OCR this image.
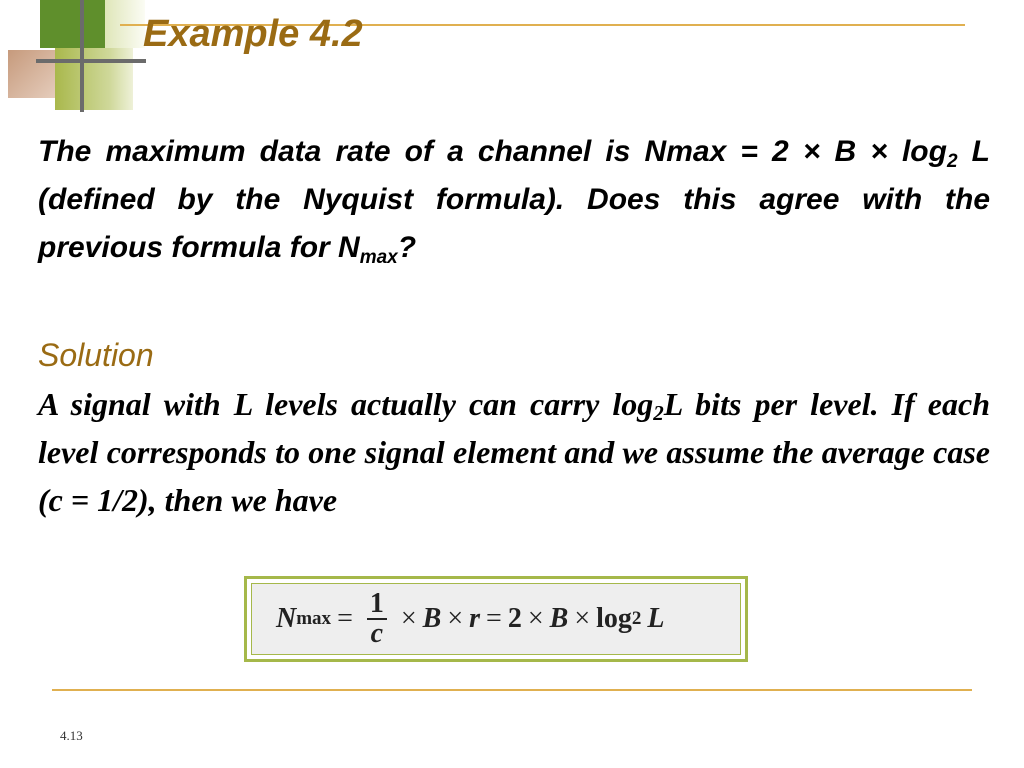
Example 4.2

The maximum data rate of a channel is $Nmax = 2 \times B \times \log_2 L$ (defined by the Nyquist formula). Does this agree with the previous formula for $N_{max}$?

Solution

A signal with L levels actually can carry $\log_2L$ bits per level. If each level corresponds to one signal element and we assume the average case (c = 1/2), then we have

N $\max = \frac{1}{c} \times B \times r = 2 \times B \times \log 2$ L
4.13
